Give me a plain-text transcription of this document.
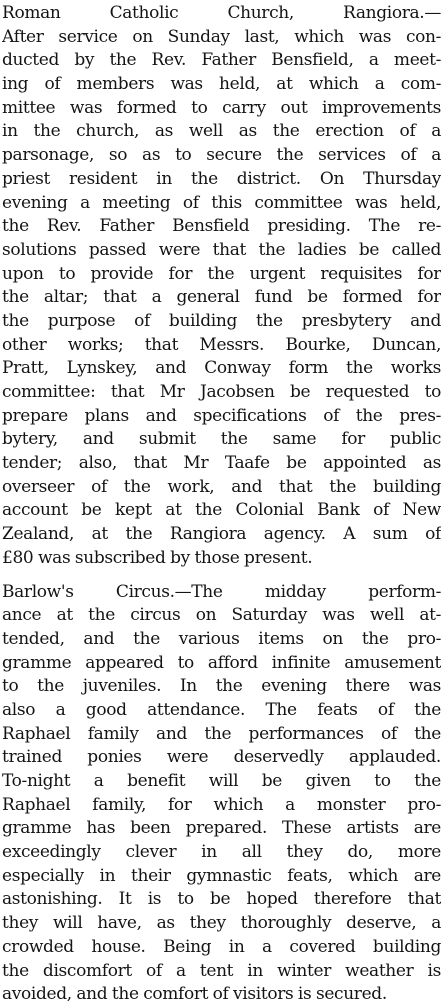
Roman Catholic Church, Rangiora.—
After service on Sunday last, which was con-
ducted by the Rev. Father Bensfield, a meet-
ing of members was held, at which a com-
mittee was formed to carry out improvements
in the church, as well as the erection of a
parsonage, so as to secure the services of a
priest resident in the district. On Thursday
evening a meeting of this committee was held,
the Rev. Father Bensfield presiding. The re-
solutions passed were that the ladies be called
upon to provide for the urgent requisites for
the altar; that a general fund be formed for
the purpose of building the presbytery and
other works; that Messrs. Bourke, Duncan,
Pratt, Lynskey, and Conway form the works
committee: that Mr Jacobsen be requested to
prepare plans and specifications of the pres-
bytery, and submit the same for public
tender; also, that Mr Taafe be appointed as
overseer of the work, and that the building
account be kept at the Colonial Bank of New
Zealand, at the Rangiora agency. A sum of
£80 was subscribed by those present.
Barlow's Circus.—The midday perform-
ance at the circus on Saturday was well at-
tended, and the various items on the pro-
gramme appeared to afford infinite amusement
to the juveniles. In the evening there was
also a good attendance. The feats of the
Raphael family and the performances of the
trained ponies were deservedly applauded.
To-night a benefit will be given to the
Raphael family, for which a monster pro-
gramme has been prepared. These artists are
exceedingly clever in all they do, more
especially in their gymnastic feats, which are
astonishing. It is to be hoped therefore that
they will have, as they thoroughly deserve, a
crowded house. Being in a covered building
the discomfort of a tent in winter weather is
avoided, and the comfort of visitors is secured.
